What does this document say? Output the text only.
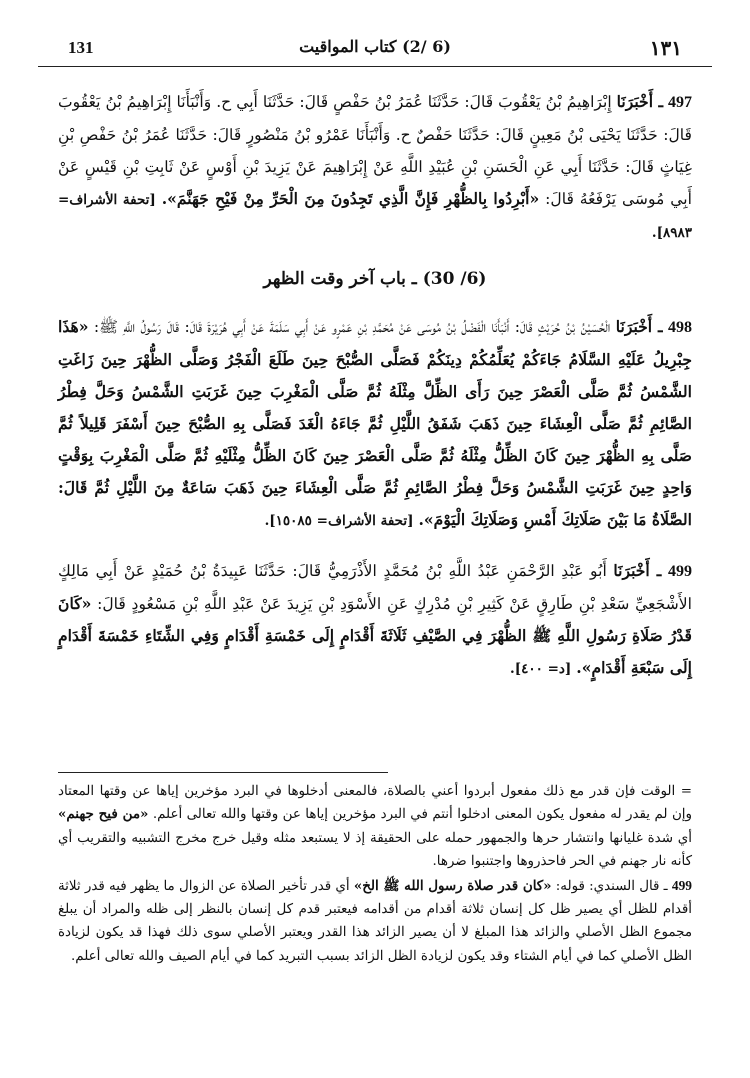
131	(6 /2) كتاب المواقيت	١٣١

497 ـ أَخْبَرَنَا إِبْرَاهِيمُ بْنُ يَعْقُوبَ قَالَ: حَدَّثَنَا عُمَرُ بْنُ حَفْصٍ قَالَ: حَدَّثَنَا أَبِي ح. وَأَنْبَأَنَا إِبْرَاهِيمُ بْنُ يَعْقُوبَ قَالَ: حَدَّثَنَا يَحْيَى بْنُ مَعِينٍ قَالَ: حَدَّثَنَا حَفْصٌ ح. وَأَنْبَأَنَا عَمْرُو بْنُ مَنْصُورٍ قَالَ: حَدَّثَنَا عُمَرُ بْنُ حَفْصِ بْنِ غِيَاثٍ قَالَ: حَدَّثَنَا أَبِي عَنِ الْحَسَنِ بْنِ عُبَيْدِ اللَّهِ عَنْ إِبْرَاهِيمَ عَنْ يَزِيدَ بْنِ أَوْسٍ عَنْ ثَابِتِ بْنِ قَيْسٍ عَنْ أَبِي مُوسَى يَرْفَعُهُ قَالَ: «أَبْرِدُوا بِالظُّهْرِ فَإِنَّ الَّذِي تَجِدُونَ مِنَ الْحَرِّ مِنْ فَيْحِ جَهَنَّمَ». [تحفة الأشراف= ٨٩٨٣].

(6/ 30) ـ باب آخر وقت الظهر

498 ـ أَخْبَرَنَا الْحُسَيْنُ بْنُ حُرَيْثٍ قَالَ: أَنْبَأَنَا الْفَضْلُ بْنُ مُوسَى عَنْ مُحَمَّدِ بْنِ عَمْرٍو عَنْ أَبِي سَلَمَةَ عَنْ أَبِي هُرَيْرَةَ قَالَ: قَالَ رَسُولُ اللَّهِ ﷺ: «هَذَا جِبْرِيلُ عَلَيْهِ السَّلَامُ جَاءَكُمْ يُعَلِّمُكُمْ دِينَكُمْ فَصَلَّى الصُّبْحَ حِينَ طَلَعَ الْفَجْرُ وَصَلَّى الظُّهْرَ حِينَ زَاغَتِ الشَّمْسُ ثُمَّ صَلَّى الْعَصْرَ حِينَ رَأَى الظِّلَّ مِثْلَهُ ثُمَّ صَلَّى الْمَغْرِبَ حِينَ غَرَبَتِ الشَّمْسُ وَحَلَّ فِطْرُ الصَّائِمِ ثُمَّ صَلَّى الْعِشَاءَ حِينَ ذَهَبَ شَفَقُ اللَّيْلِ ثُمَّ جَاءَهُ الْغَدَ فَصَلَّى بِهِ الصُّبْحَ حِينَ أَسْفَرَ قَلِيلاً ثُمَّ صَلَّى بِهِ الظُّهْرَ حِينَ كَانَ الظِّلُّ مِثْلَهُ ثُمَّ صَلَّى الْعَصْرَ حِينَ كَانَ الظِّلُّ مِثْلَيْهِ ثُمَّ صَلَّى الْمَغْرِبَ بِوَقْتٍ وَاحِدٍ حِينَ غَرَبَتِ الشَّمْسُ وَحَلَّ فِطْرُ الصَّائِمِ ثُمَّ صَلَّى الْعِشَاءَ حِينَ ذَهَبَ سَاعَةٌ مِنَ اللَّيْلِ ثُمَّ قَالَ: الصَّلَاةُ مَا بَيْنَ صَلَاتِكَ أَمْسِ وَصَلَاتِكَ الْيَوْمَ». [تحفة الأشراف= ١٥٠٨٥].

499 ـ أَخْبَرَنَا أَبُو عَبْدِ الرَّحْمَنِ عَبْدُ اللَّهِ بْنُ مُحَمَّدٍ الأَذْرَمِيُّ قَالَ: حَدَّثَنَا عَبِيدَةُ بْنُ حُمَيْدٍ عَنْ أَبِي مَالِكٍ الأَشْجَعِيِّ سَعْدِ بْنِ طَارِقٍ عَنْ كَثِيرِ بْنِ مُدْرِكٍ عَنِ الأَسْوَدِ بْنِ يَزِيدَ عَنْ عَبْدِ اللَّهِ بْنِ مَسْعُودٍ قَالَ: «كَانَ قَدْرُ صَلَاةِ رَسُولِ اللَّهِ ﷺ الظُّهْرَ فِي الصَّيْفِ ثَلَاثَةَ أَقْدَامٍ إِلَى خَمْسَةِ أَقْدَامٍ وَفِي الشِّتَاءِ خَمْسَةَ أَقْدَامٍ إِلَى سَبْعَةِ أَقْدَامٍ». [د= ٤٠٠].

= الوقت فإن قدر مع ذلك مفعول أبردوا أعني بالصلاة، فالمعنى أدخلوها في البرد مؤخرين إياها عن وقتها المعتاد وإن لم يقدر له مفعول يكون المعنى ادخلوا أنتم في البرد مؤخرين إياها عن وقتها والله تعالى أعلم. «من فيح جهنم» أي شدة غليانها وانتشار حرها والجمهور حمله على الحقيقة إذ لا يستبعد مثله وقيل خرج مخرج التشبيه والتقريب أي كأنه نار جهنم في الحر فاحذروها واجتنبوا ضرها.

499 ـ قال السندي: قوله: «كان قدر صلاة رسول الله ﷺ الخ» أي قدر تأخير الصلاة عن الزوال ما يظهر فيه قدر ثلاثة أقدام للظل أي يصير ظل كل إنسان ثلاثة أقدام من أقدامه فيعتبر قدم كل إنسان بالنظر إلى ظله والمراد أن يبلغ مجموع الظل الأصلي والزائد هذا المبلغ لا أن يصير الزائد هذا القدر ويعتبر الأصلي سوى ذلك فهذا قد يكون لزيادة الظل الأصلي كما في أيام الشتاء وقد يكون لزيادة الظل الزائد بسبب التبريد كما في أيام الصيف والله تعالى أعلم.
